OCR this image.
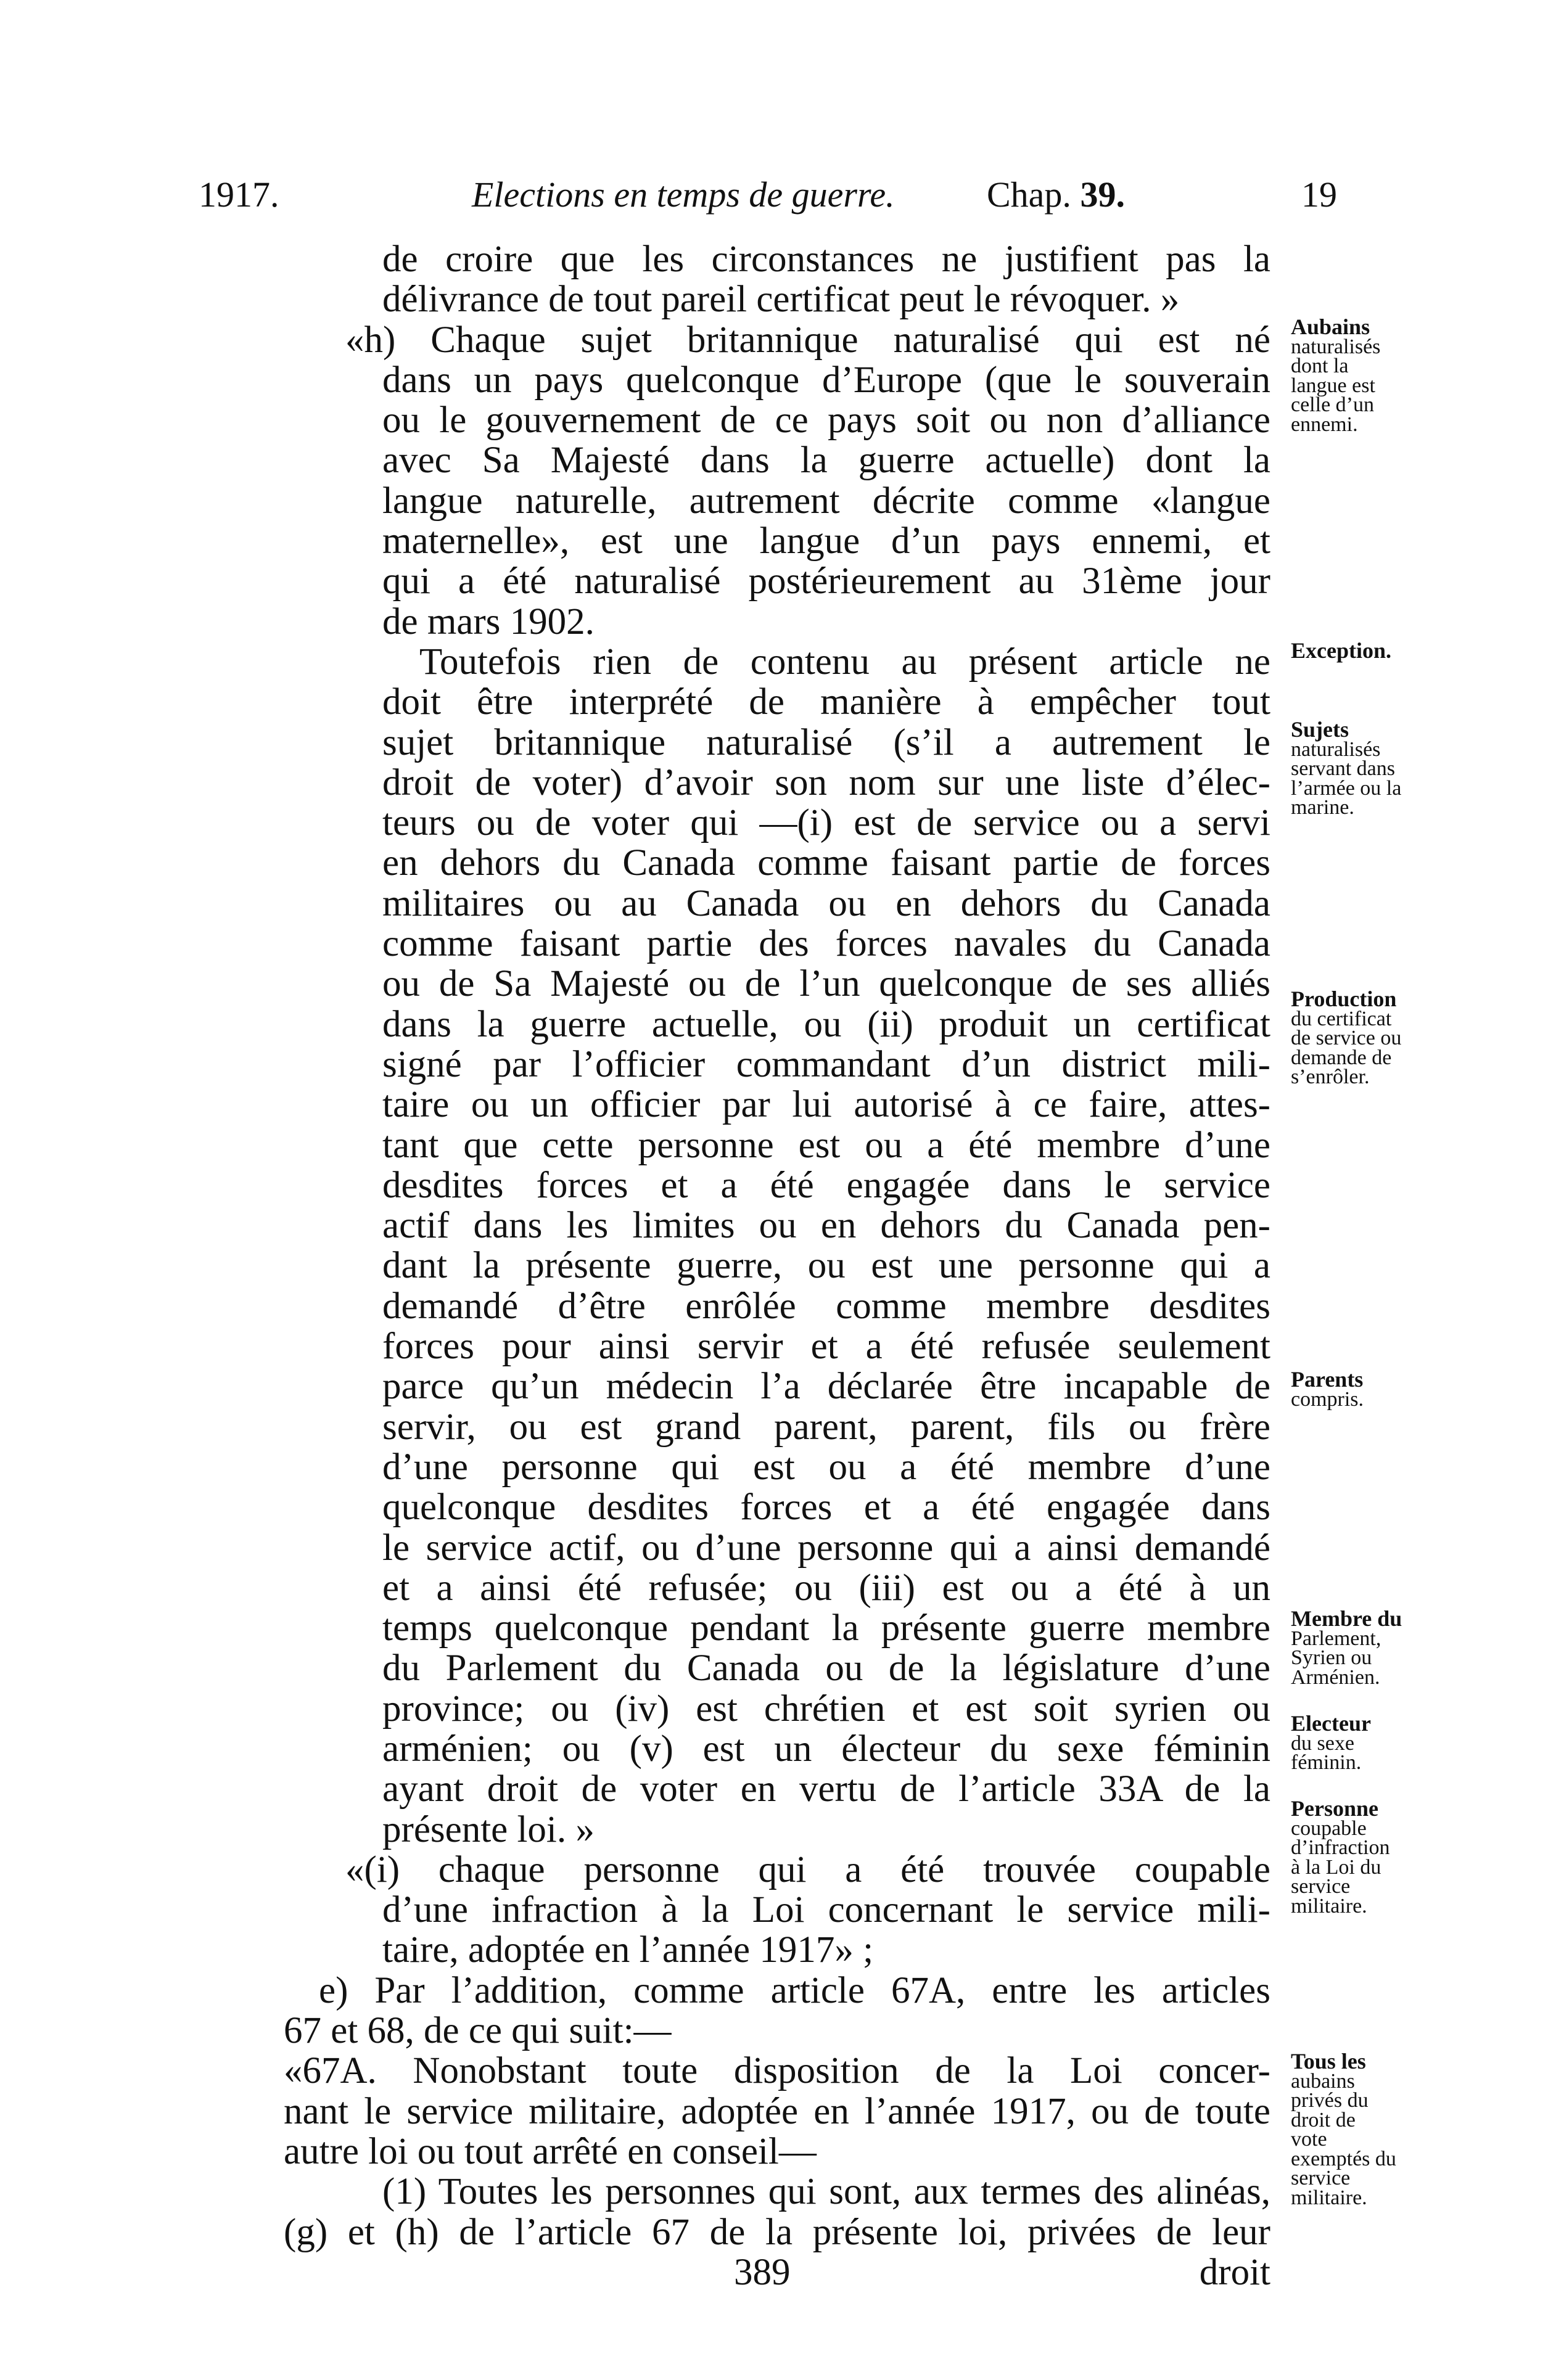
1917.	Elections en temps de guerre.	Chap. 39.	19
de croire que les circonstances ne justifient pas la
délivrance de tout pareil certificat peut le révoquer. »
«h) Chaque sujet britannique naturalisé qui est né
dans un pays quelconque d’Europe (que le souverain
ou le gouvernement de ce pays soit ou non d’alliance
avec Sa Majesté dans la guerre actuelle) dont la
langue naturelle, autrement décrite comme «langue
maternelle», est une langue d’un pays ennemi, et
qui a été naturalisé postérieurement au 31ème jour
de mars 1902.
Toutefois rien de contenu au présent article ne
doit être interprété de manière à empêcher tout
sujet britannique naturalisé (s’il a autrement le
droit de voter) d’avoir son nom sur une liste d’élec-
teurs ou de voter qui —(i) est de service ou a servi
en dehors du Canada comme faisant partie de forces
militaires ou au Canada ou en dehors du Canada
comme faisant partie des forces navales du Canada
ou de Sa Majesté ou de l’un quelconque de ses alliés
dans la guerre actuelle, ou (ii) produit un certificat
signé par l’officier commandant d’un district mili-
taire ou un officier par lui autorisé à ce faire, attes-
tant que cette personne est ou a été membre d’une
desdites forces et a été engagée dans le service
actif dans les limites ou en dehors du Canada pen-
dant la présente guerre, ou est une personne qui a
demandé d’être enrôlée comme membre desdites
forces pour ainsi servir et a été refusée seulement
parce qu’un médecin l’a déclarée être incapable de
servir, ou est grand parent, parent, fils ou frère
d’une personne qui est ou a été membre d’une
quelconque desdites forces et a été engagée dans
le service actif, ou d’une personne qui a ainsi demandé
et a ainsi été refusée; ou (iii) est ou a été à un
temps quelconque pendant la présente guerre membre
du Parlement du Canada ou de la législature d’une
province; ou (iv) est chrétien et est soit syrien ou
arménien; ou (v) est un électeur du sexe féminin
ayant droit de voter en vertu de l’article 33A de la
présente loi. »
«(i) chaque personne qui a été trouvée coupable
d’une infraction à la Loi concernant le service mili-
taire, adoptée en l’année 1917» ;
e) Par l’addition, comme article 67A, entre les articles
67 et 68, de ce qui suit:—
«67A. Nonobstant toute disposition de la Loi concer-
nant le service militaire, adoptée en l’année 1917, ou de toute
autre loi ou tout arrêté en conseil—
(1) Toutes les personnes qui sont, aux termes des alinéas,
(g) et (h) de l’article 67 de la présente loi, privées de leur
389	droit
Aubains
naturalisés
dont la
langue est
celle d’un
ennemi.
Exception.
Sujets
naturalisés
servant dans
l’armée ou la
marine.
Production
du certificat
de service ou
demande de
s’enrôler.
Parents
compris.
Membre du
Parlement,
Syrien ou
Arménien.
Electeur
du sexe
féminin.
Personne
coupable
d’infraction
à la Loi du
service
militaire.
Tous les
aubains
privés du
droit de
vote
exemptés du
service
militaire.
